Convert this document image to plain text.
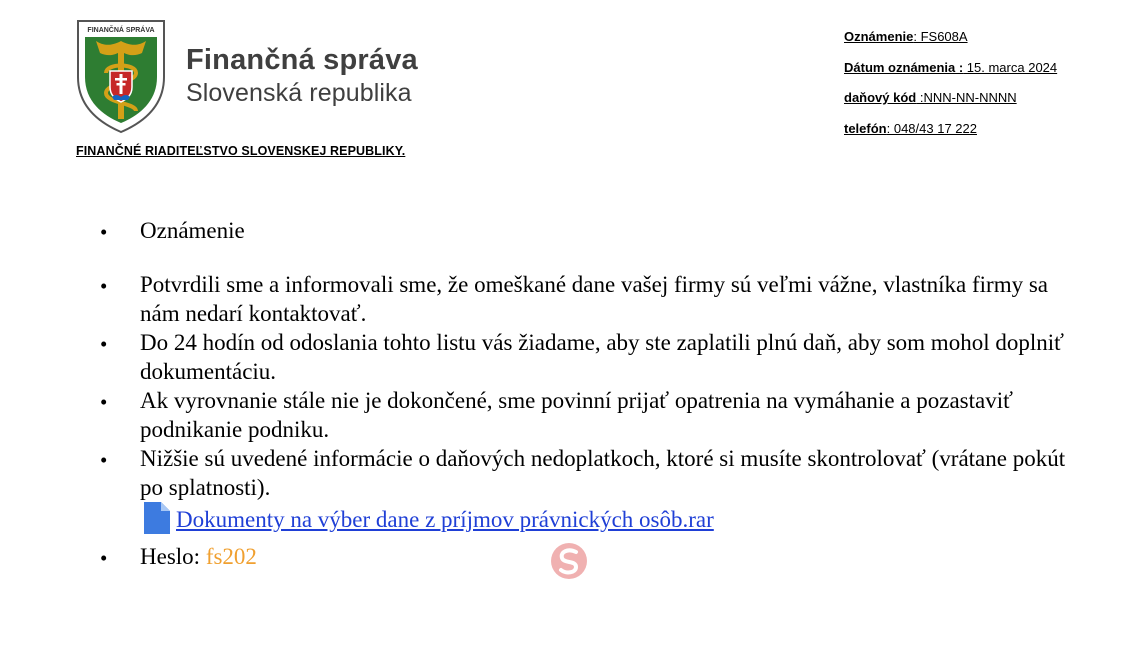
FINANČNÁ SPRÁVA
Finančná správa
Slovenská republika
FINANČNÉ RIADITEĽSTVO SLOVENSKEJ REPUBLIKY.
Oznámenie: FS608A
Dátum oznámenia : 15. marca 2024
daňový kód :NNN-NN-NNNN
telefón: 048/43 17 222
• Oznámenie
• Potvrdili sme a informovali sme, že omeškané dane vašej firmy sú veľmi vážne, vlastníka firmy sa nám nedarí kontaktovať.
• Do 24 hodín od odoslania tohto listu vás žiadame, aby ste zaplatili plnú daň, aby som mohol doplniť dokumentáciu.
• Ak vyrovnanie stále nie je dokončené, sme povinní prijať opatrenia na vymáhanie a pozastaviť podnikanie podniku.
• Nižšie sú uvedené informácie o daňových nedoplatkoch, ktoré si musíte skontrolovať (vrátane pokút po splatnosti).
Dokumenty na výber dane z príjmov právnických osôb.rar
• Heslo: fs202
